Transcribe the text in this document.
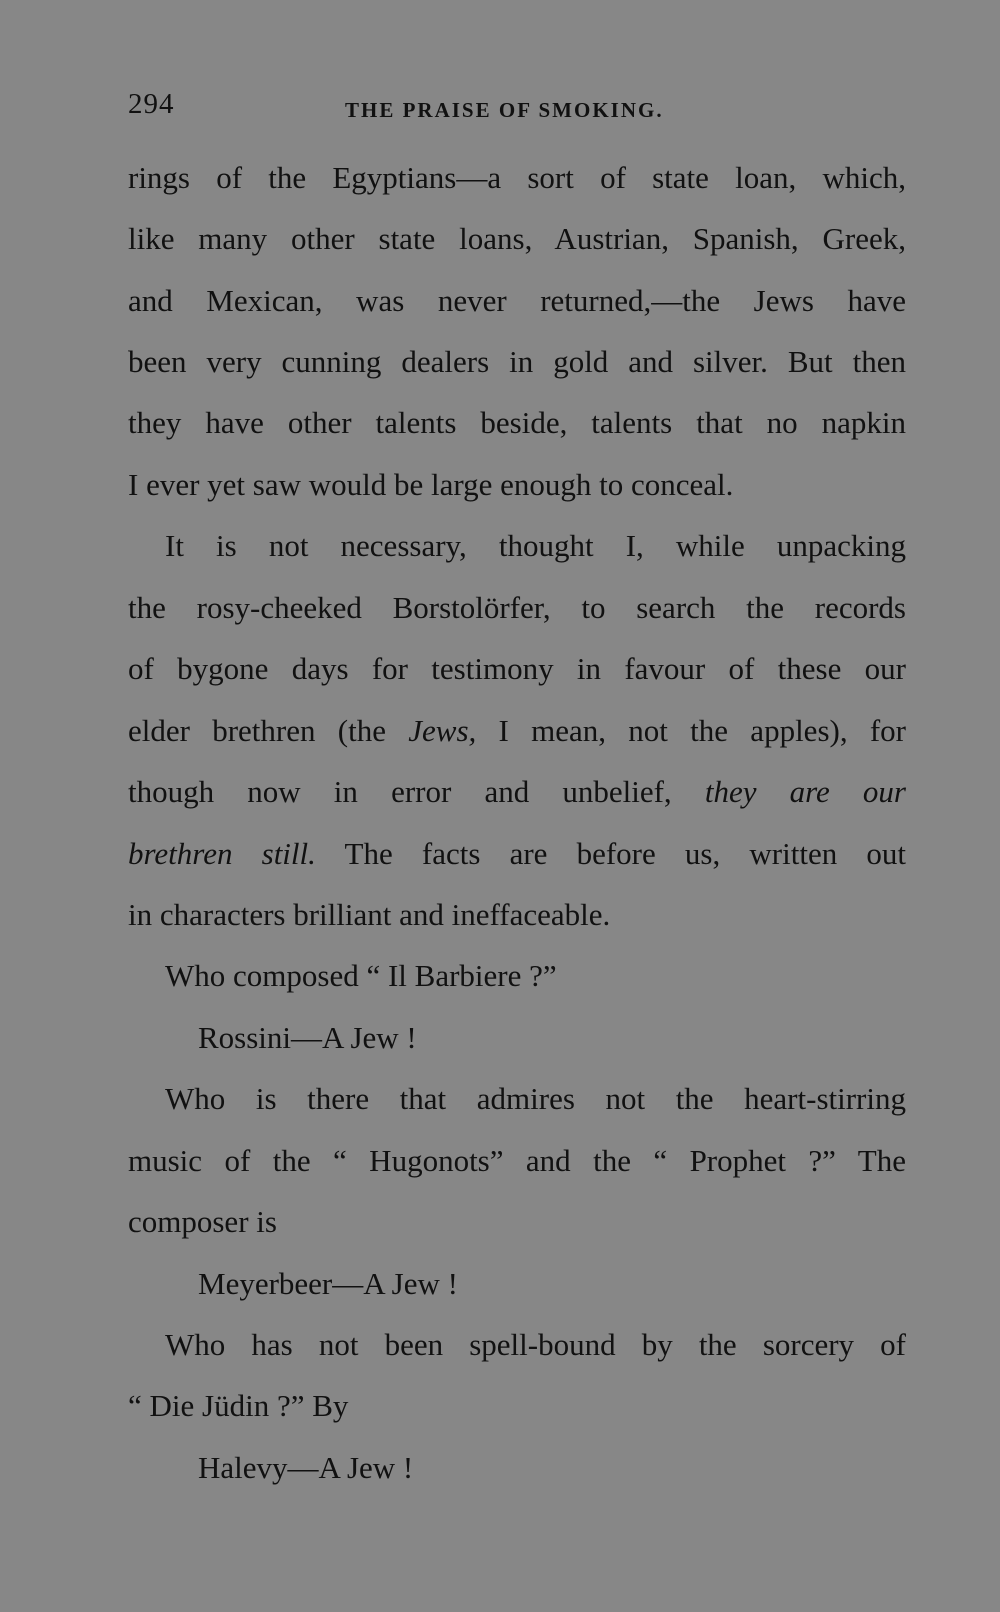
294	THE PRAISE OF SMOKING.
rings of the Egyptians—a sort of state loan, which,
like many other state loans, Austrian, Spanish, Greek,
and Mexican, was never returned,—the Jews have
been very cunning dealers in gold and silver. But then
they have other talents beside, talents that no napkin
I ever yet saw would be large enough to conceal.
It is not necessary, thought I, while unpacking
the rosy-cheeked Borstolörfer, to search the records
of bygone days for testimony in favour of these our
elder brethren (the Jews, I mean, not the apples), for
though now in error and unbelief, they are our
brethren still. The facts are before us, written out
in characters brilliant and ineffaceable.
Who composed “ Il Barbiere ?”
Rossini—A Jew !
Who is there that admires not the heart-stirring
music of the “ Hugonots” and the “ Prophet ?” The
composer is
Meyerbeer—A Jew !
Who has not been spell-bound by the sorcery of
“ Die Jüdin ?” By
Halevy—A Jew !
